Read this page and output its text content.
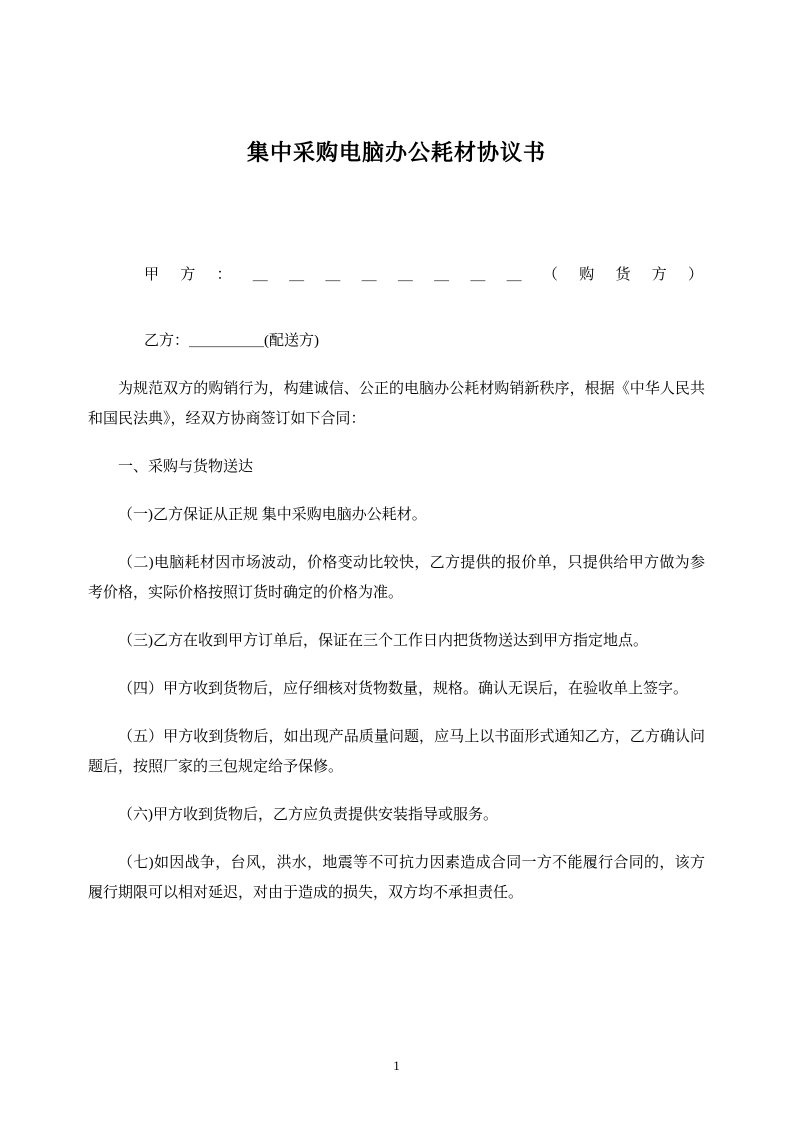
集中采购电脑办公耗材协议书
甲 方 ： ＿ ＿ ＿ ＿ ＿ ＿ ＿ ＿ （ 购 货 方 ）
乙方：＿＿＿＿＿(配送方)

为规范双方的购销行为，构建诚信、公正的电脑办公耗材购销新秩序，根据《中华人民共和国民法典》，经双方协商签订如下合同：

一、采购与货物送达

（一)乙方保证从正规 集中采购电脑办公耗材。

（二)电脑耗材因市场波动，价格变动比较快，乙方提供的报价单，只提供给甲方做为参考价格，实际价格按照订货时确定的价格为准。

（三)乙方在收到甲方订单后，保证在三个工作日内把货物送达到甲方指定地点。

（四）甲方收到货物后，应仔细核对货物数量，规格。确认无误后，在验收单上签字。

（五）甲方收到货物后，如出现产品质量问题，应马上以书面形式通知乙方，乙方确认问题后，按照厂家的三包规定给予保修。

（六)甲方收到货物后，乙方应负责提供安装指导或服务。

（七)如因战争，台风，洪水，地震等不可抗力因素造成合同一方不能履行合同的，该方履行期限可以相对延迟，对由于造成的损失，双方均不承担责任。

1
